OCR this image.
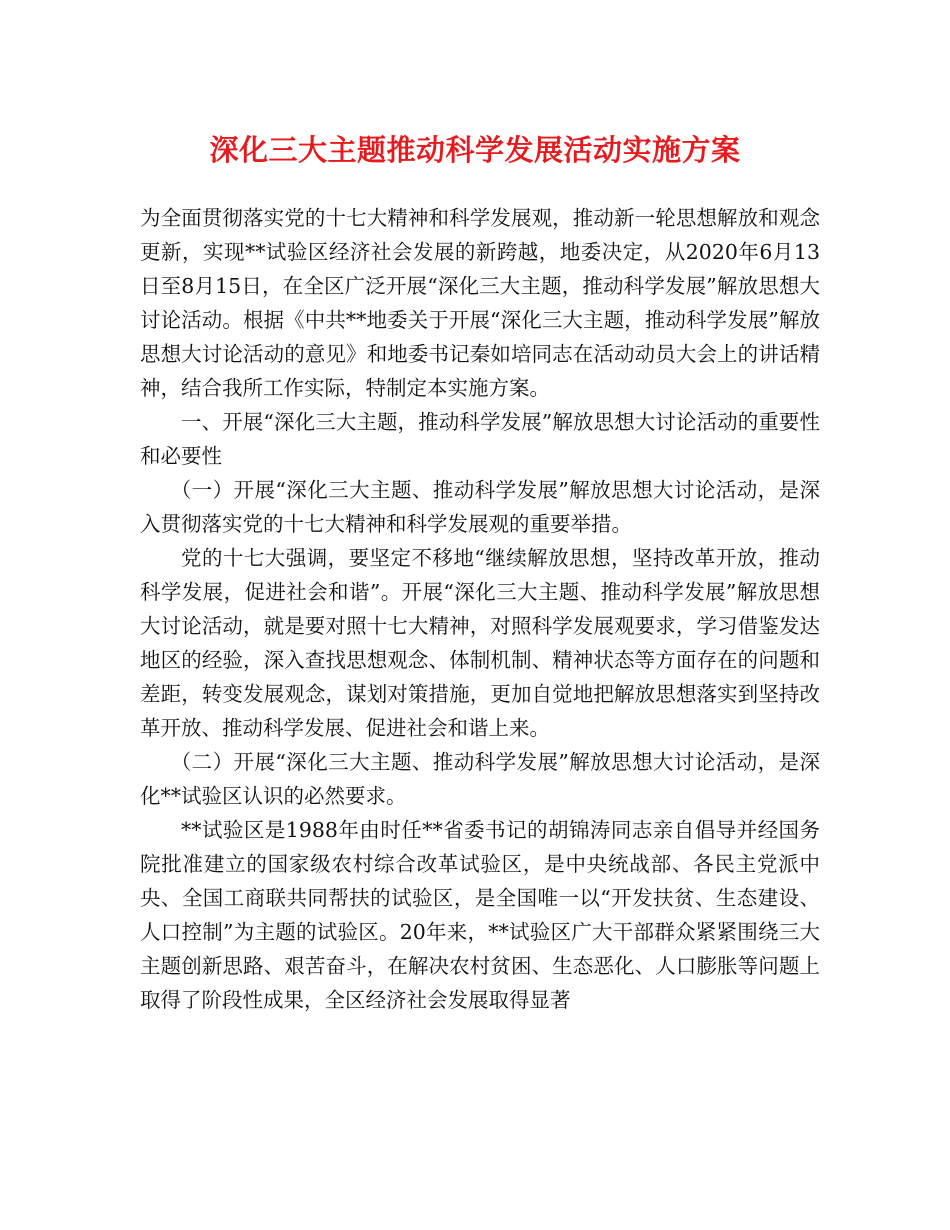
深化三大主题推动科学发展活动实施方案

为全面贯彻落实党的十七大精神和科学发展观，推动新一轮思想解放和观念更新，实现**试验区经济社会发展的新跨越，地委决定，从2020年6月13日至8月15日，在全区广泛开展“深化三大主题，推动科学发展”解放思想大讨论活动。根据《中共**地委关于开展“深化三大主题，推动科学发展”解放思想大讨论活动的意见》和地委书记秦如培同志在活动动员大会上的讲话精神，结合我所工作实际，特制定本实施方案。

一、开展“深化三大主题，推动科学发展”解放思想大讨论活动的重要性和必要性

（一）开展“深化三大主题、推动科学发展”解放思想大讨论活动，是深入贯彻落实党的十七大精神和科学发展观的重要举措。

党的十七大强调，要坚定不移地“继续解放思想，坚持改革开放，推动科学发展，促进社会和谐”。开展“深化三大主题、推动科学发展”解放思想大讨论活动，就是要对照十七大精神，对照科学发展观要求，学习借鉴发达地区的经验，深入查找思想观念、体制机制、精神状态等方面存在的问题和差距，转变发展观念，谋划对策措施，更加自觉地把解放思想落实到坚持改革开放、推动科学发展、促进社会和谐上来。

（二）开展“深化三大主题、推动科学发展”解放思想大讨论活动，是深化**试验区认识的必然要求。

**试验区是1988年由时任**省委书记的胡锦涛同志亲自倡导并经国务院批准建立的国家级农村综合改革试验区，是中央统战部、各民主党派中央、全国工商联共同帮扶的试验区，是全国唯一以“开发扶贫、生态建设、人口控制”为主题的试验区。20年来，**试验区广大干部群众紧紧围绕三大主题创新思路、艰苦奋斗，在解决农村贫困、生态恶化、人口膨胀等问题上取得了阶段性成果，全区经济社会发展取得显著
